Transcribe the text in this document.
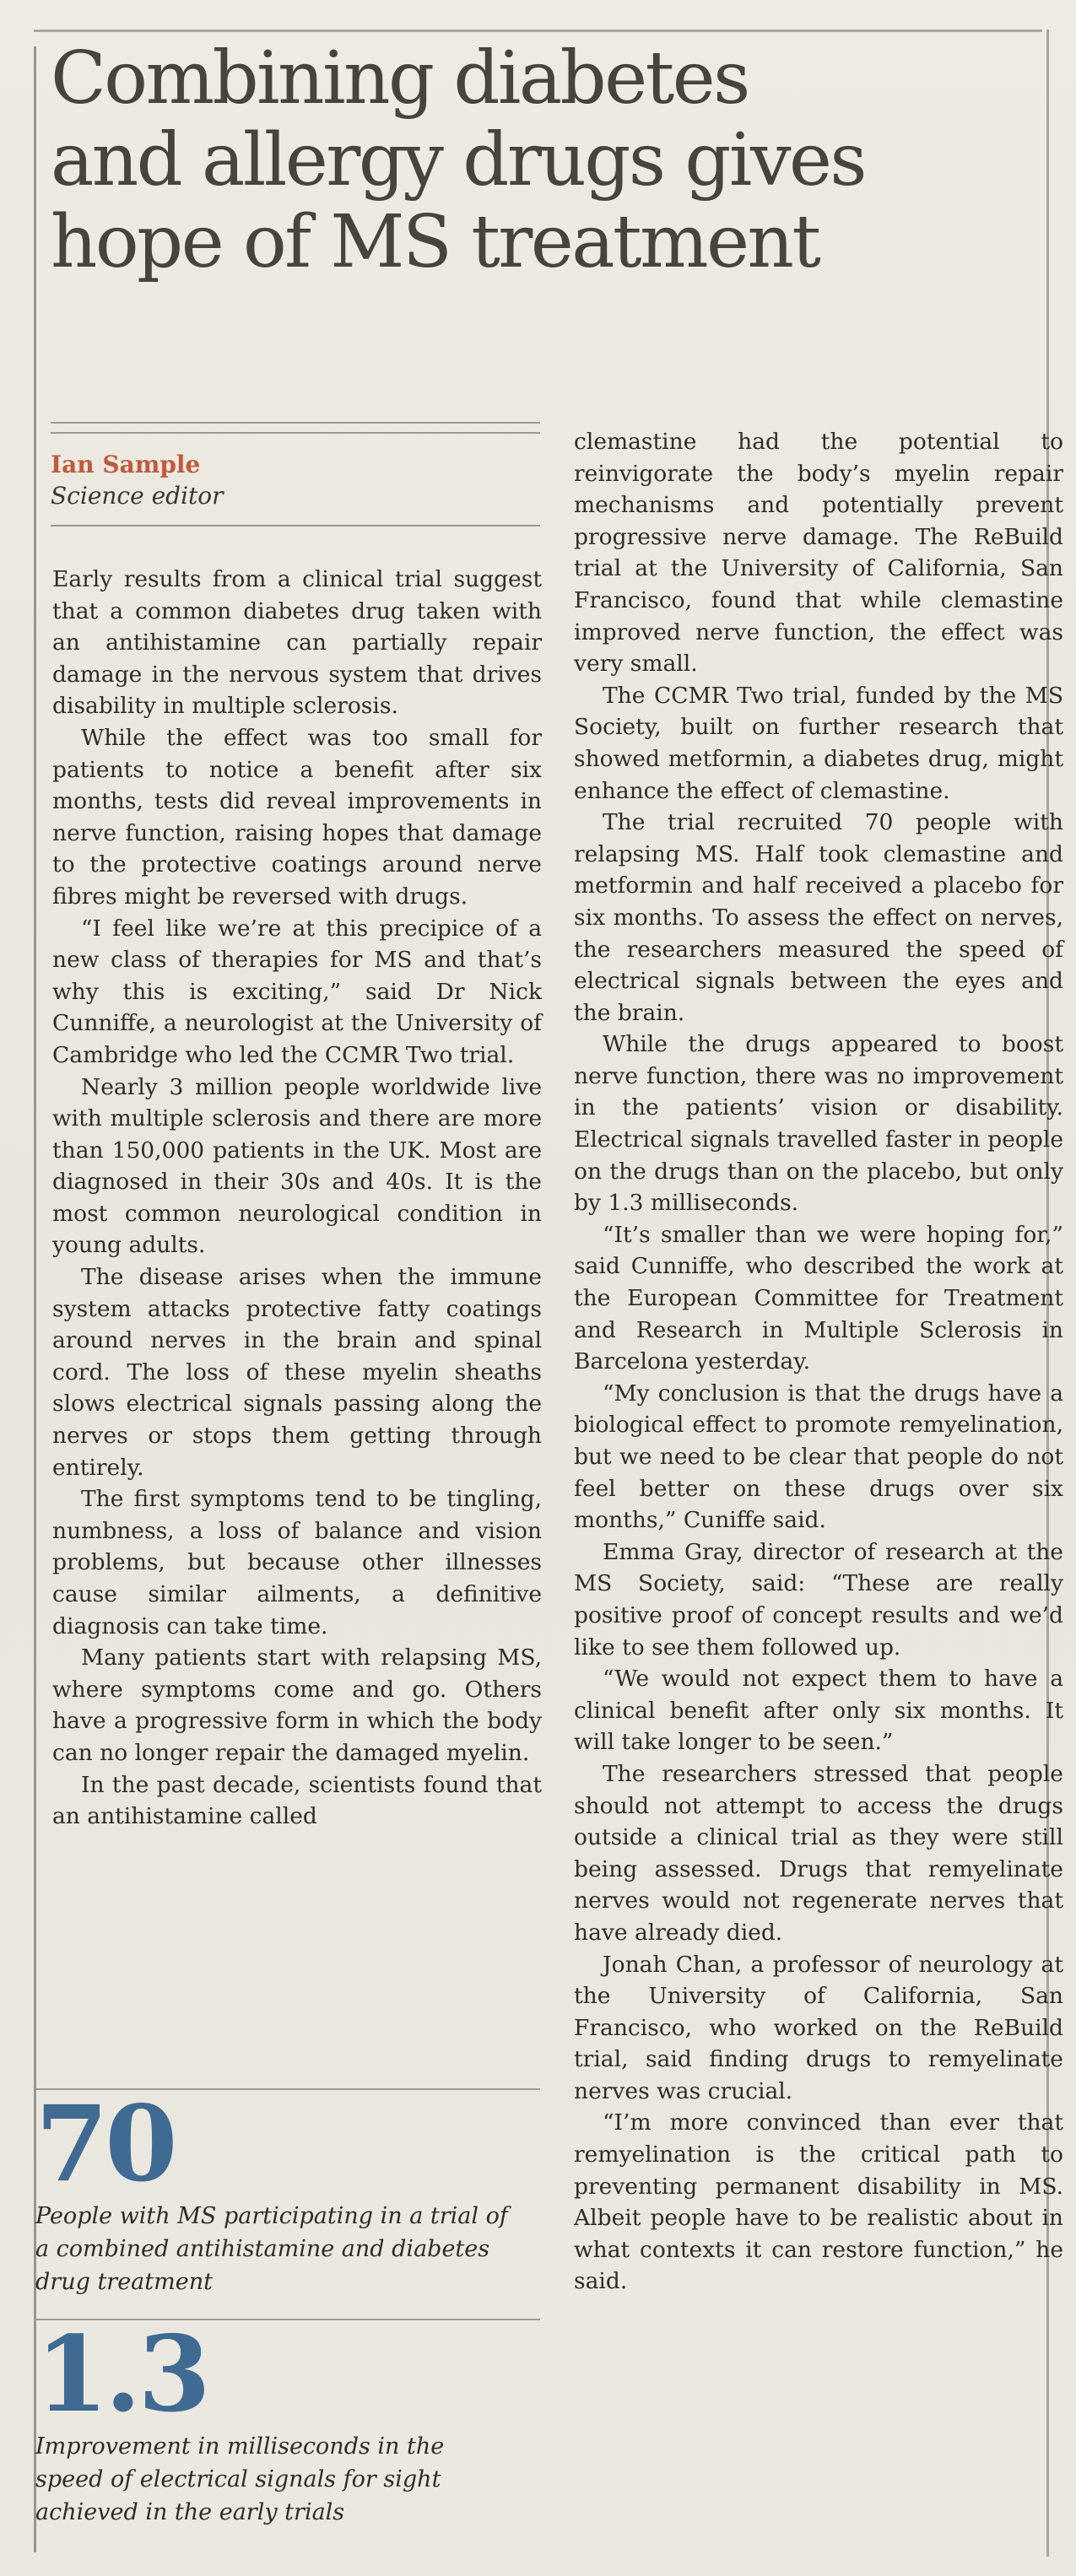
Combining diabetes
and allergy drugs gives
hope of MS treatment
Ian Sample
Science editor

Early results from a clinical trial suggest that a common diabetes drug taken with an antihistamine can partially repair damage in the nervous system that drives disability in multiple sclerosis.

While the effect was too small for patients to notice a benefit after six months, tests did reveal improvements in nerve function, raising hopes that damage to the protective coatings around nerve fibres might be reversed with drugs.

“I feel like we’re at this precipice of a new class of therapies for MS and that’s why this is exciting,” said Dr Nick Cunniffe, a neurologist at the University of Cambridge who led the CCMR Two trial.

Nearly 3 million people worldwide live with multiple sclerosis and there are more than 150,000 patients in the UK. Most are diagnosed in their 30s and 40s. It is the most common neurological condition in young adults.

The disease arises when the immune system attacks protective fatty coatings around nerves in the brain and spinal cord. The loss of these myelin sheaths slows electrical signals passing along the nerves or stops them getting through entirely.

The first symptoms tend to be tingling, numbness, a loss of balance and vision problems, but because other illnesses cause similar ailments, a definitive diagnosis can take time.

Many patients start with relapsing MS, where symptoms come and go. Others have a progressive form in which the body can no longer repair the damaged myelin.

In the past decade, scientists found that an antihistamine called

clemastine had the potential to reinvigorate the body’s myelin repair mechanisms and potentially prevent progressive nerve damage. The ReBuild trial at the University of California, San Francisco, found that while clemastine improved nerve function, the effect was very small.

The CCMR Two trial, funded by the MS Society, built on further research that showed metformin, a diabetes drug, might enhance the effect of clemastine.

The trial recruited 70 people with relapsing MS. Half took clemastine and metformin and half received a placebo for six months. To assess the effect on nerves, the researchers measured the speed of electrical signals between the eyes and the brain.

While the drugs appeared to boost nerve function, there was no improvement in the patients’ vision or disability. Electrical signals travelled faster in people on the drugs than on the placebo, but only by 1.3 milliseconds.

“It’s smaller than we were hoping for,” said Cunniffe, who described the work at the European Committee for Treatment and Research in Multiple Sclerosis in Barcelona yesterday.

“My conclusion is that the drugs have a biological effect to promote remyelination, but we need to be clear that people do not feel better on these drugs over six months,” Cuniffe said.

Emma Gray, director of research at the MS Society, said: “These are really positive proof of concept results and we’d like to see them followed up.

“We would not expect them to have a clinical benefit after only six months. It will take longer to be seen.”

The researchers stressed that people should not attempt to access the drugs outside a clinical trial as they were still being assessed. Drugs that remyelinate nerves would not regenerate nerves that have already died.

Jonah Chan, a professor of neurology at the University of California, San Francisco, who worked on the ReBuild trial, said finding drugs to remyelinate nerves was crucial.

“I’m more convinced than ever that remyelination is the critical path to preventing permanent disability in MS. Albeit people have to be realistic about in what contexts it can restore function,” he said.

70
People with MS participating in a trial of a combined antihistamine and diabetes drug treatment
1.3
Improvement in milliseconds in the speed of electrical signals for sight achieved in the early trials
